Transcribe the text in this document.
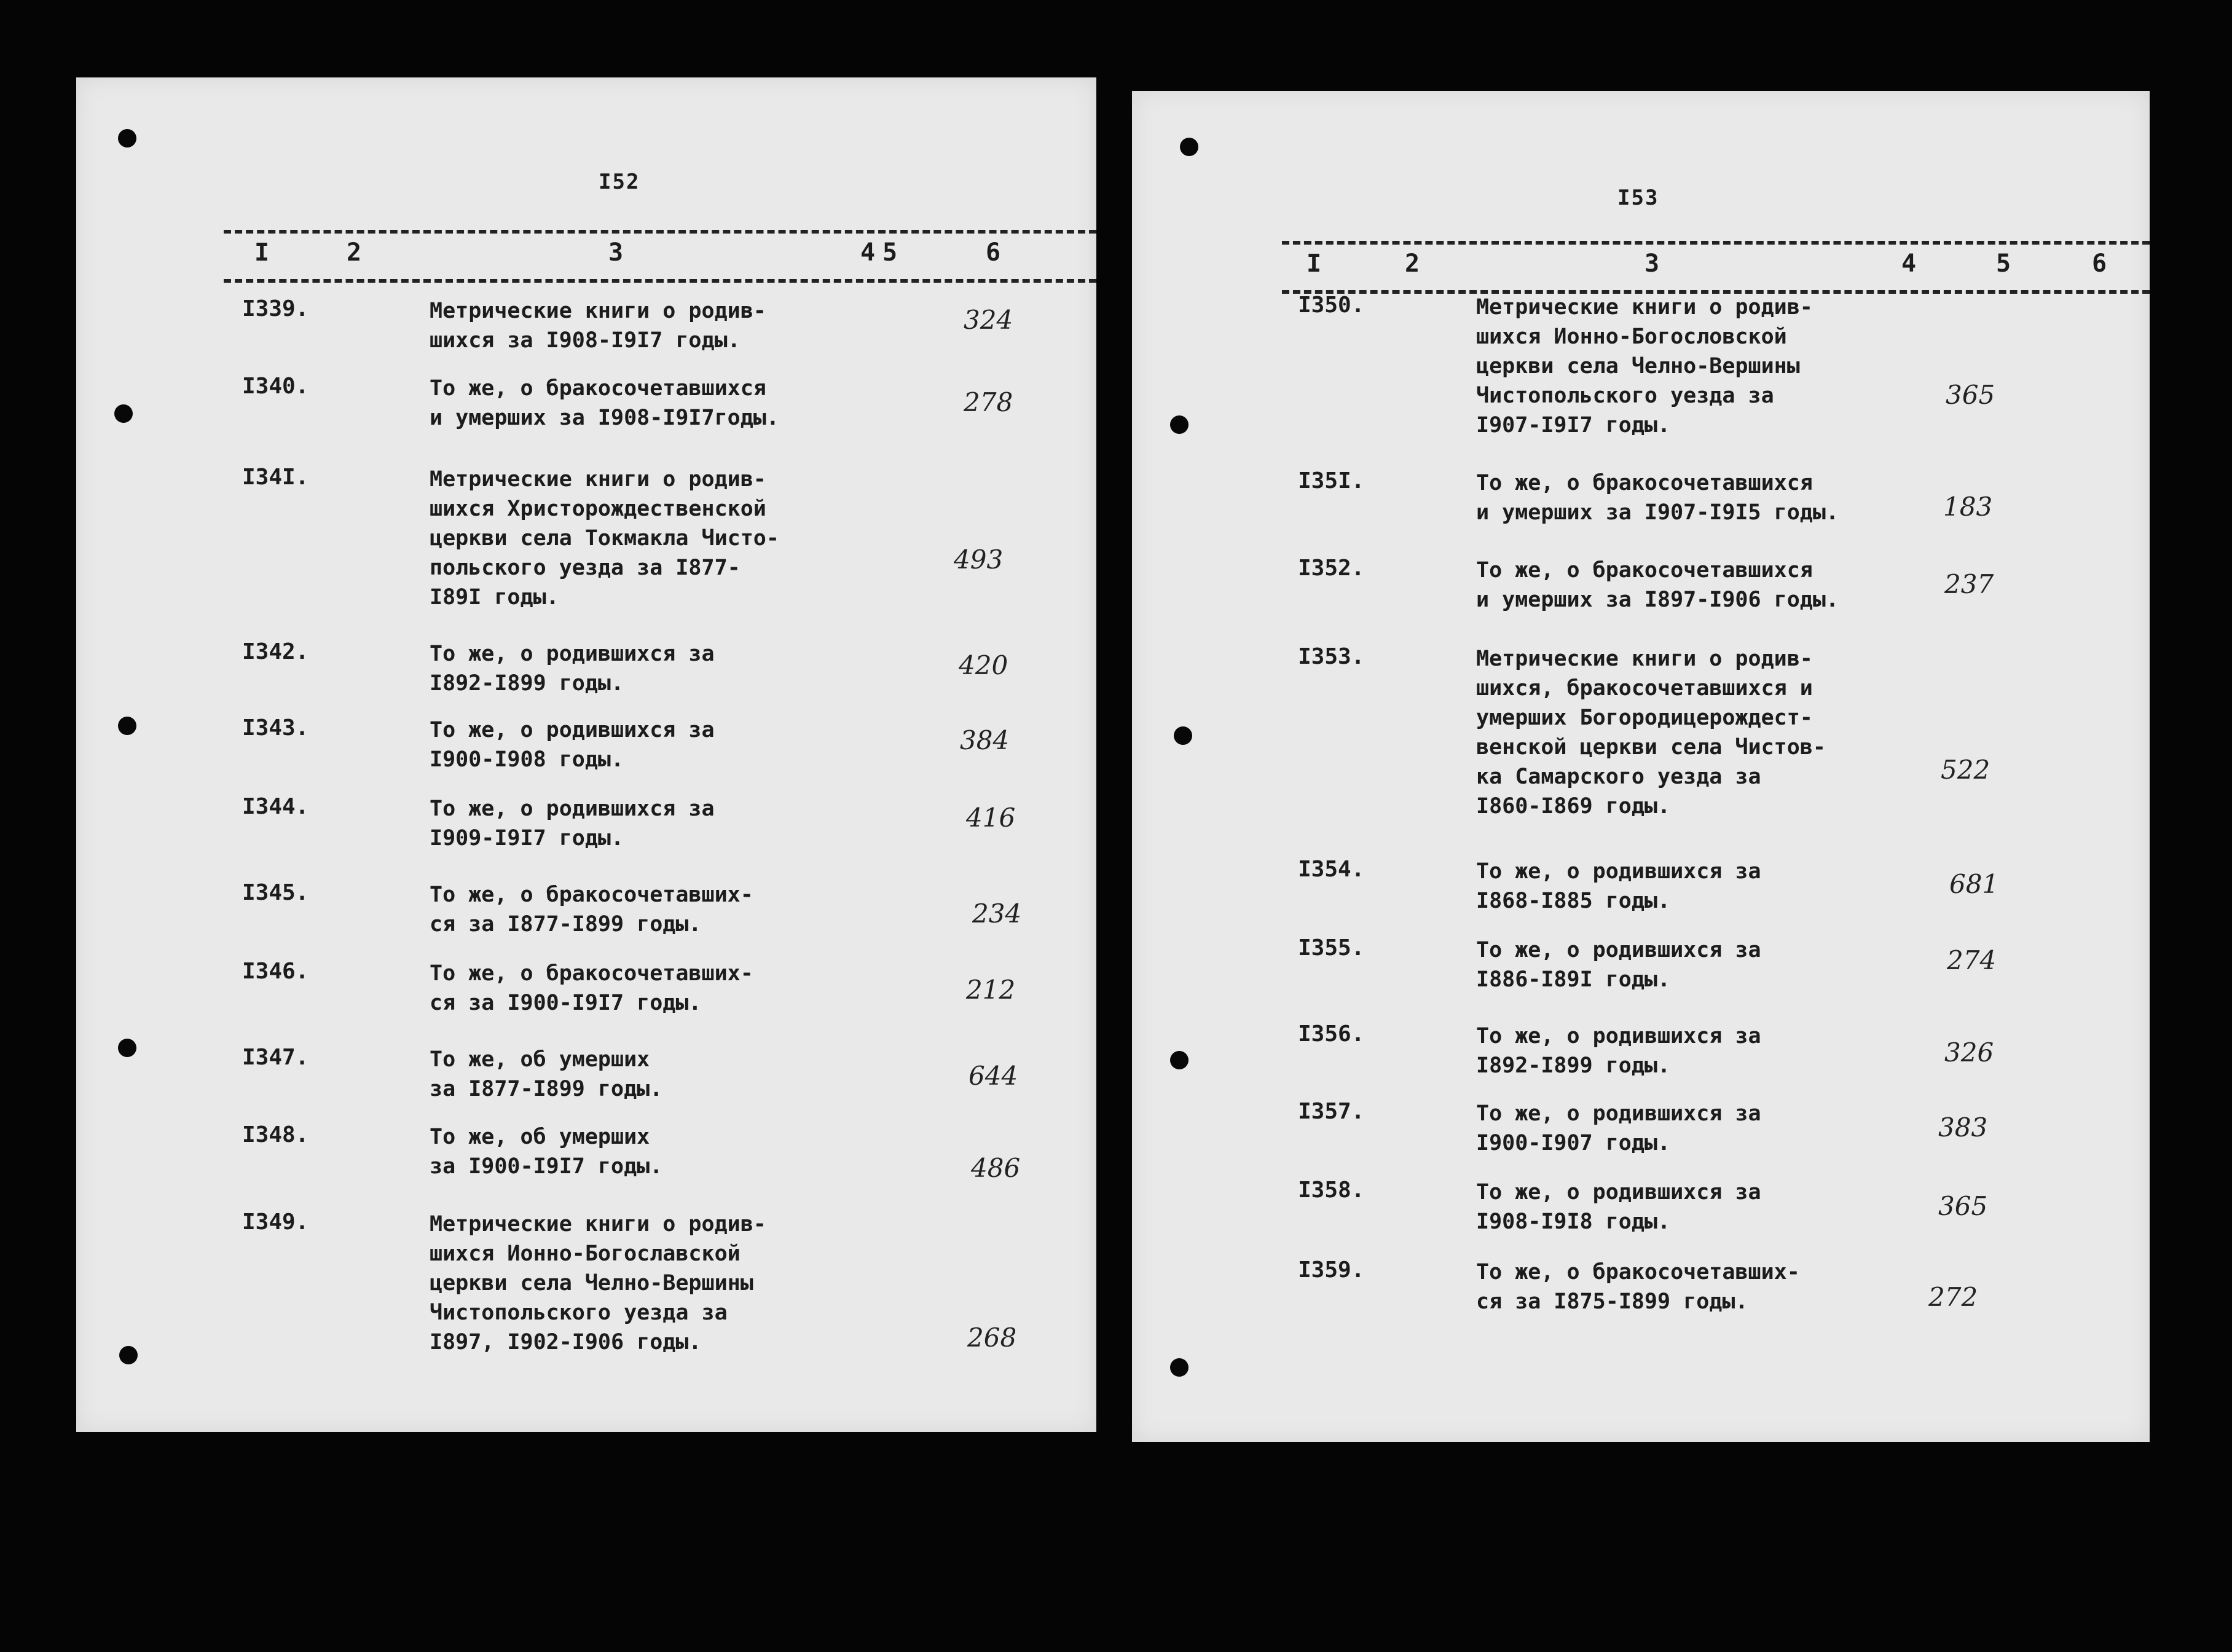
I52
I	2	3	4 5	6
I339.	Метрические книги о родив-
шихся за I908-I9I7 годы.
324
I340.	То же, о бракосочетавшихся
и умерших за I908-I9I7годы.
278
I34I.	Метрические книги о родив-
шихся Христорождественской
церкви села Токмакла Чисто-
польского уезда за I877-
I89I годы.
493
I342.	То же, о родившихся за
I892-I899 годы.
420
I343.	То же, о родившихся за
I900-I908 годы.
384
I344.	То же, о родившихся за
I909-I9I7 годы.
416
I345.	То же, о бракосочетавших-
ся за I877-I899 годы.	234
I346.	То же, о бракосочетавших-
ся за I900-I9I7 годы.	212
I347.	То же, об умерших
за I877-I899 годы.	644
I348.	То же, об умерших
за I900-I9I7 годы.	486
I349.	Метрические книги о родив-
шихся Ионно-Богославской
церкви села Челно-Вершины
Чистопольского уезда за
I897, I902-I906 годы.	268
I53
I	2	3	4	5	6
I350.	Метрические книги о родив-
шихся Ионно-Богословской
церкви села Челно-Вершины
Чистопольского уезда за
I907-I9I7 годы.
365
I35I.	То же, о бракосочетавшихся
и умерших за I907-I9I5 годы.	183
I352.	То же, о бракосочетавшихся
и умерших за I897-I906 годы.
237
I353.	Метрические книги о родив-
шихся, бракосочетавшихся и
умерших Богородицерождест-
венской церкви села Чистов-
ка Самарского уезда за
I860-I869 годы.
522
I354.	То же, о родившихся за
I868-I885 годы.
681
I355.	То же, о родившихся за
I886-I89I годы.
274
I356.	То же, о родившихся за
I892-I899 годы.	326
I357.	То же, о родившихся за
I900-I907 годы.
383
I358.	То же, о родившихся за
I908-I9I8 годы.
365
I359.	То же, о бракосочетавших-
ся за I875-I899 годы.	272
